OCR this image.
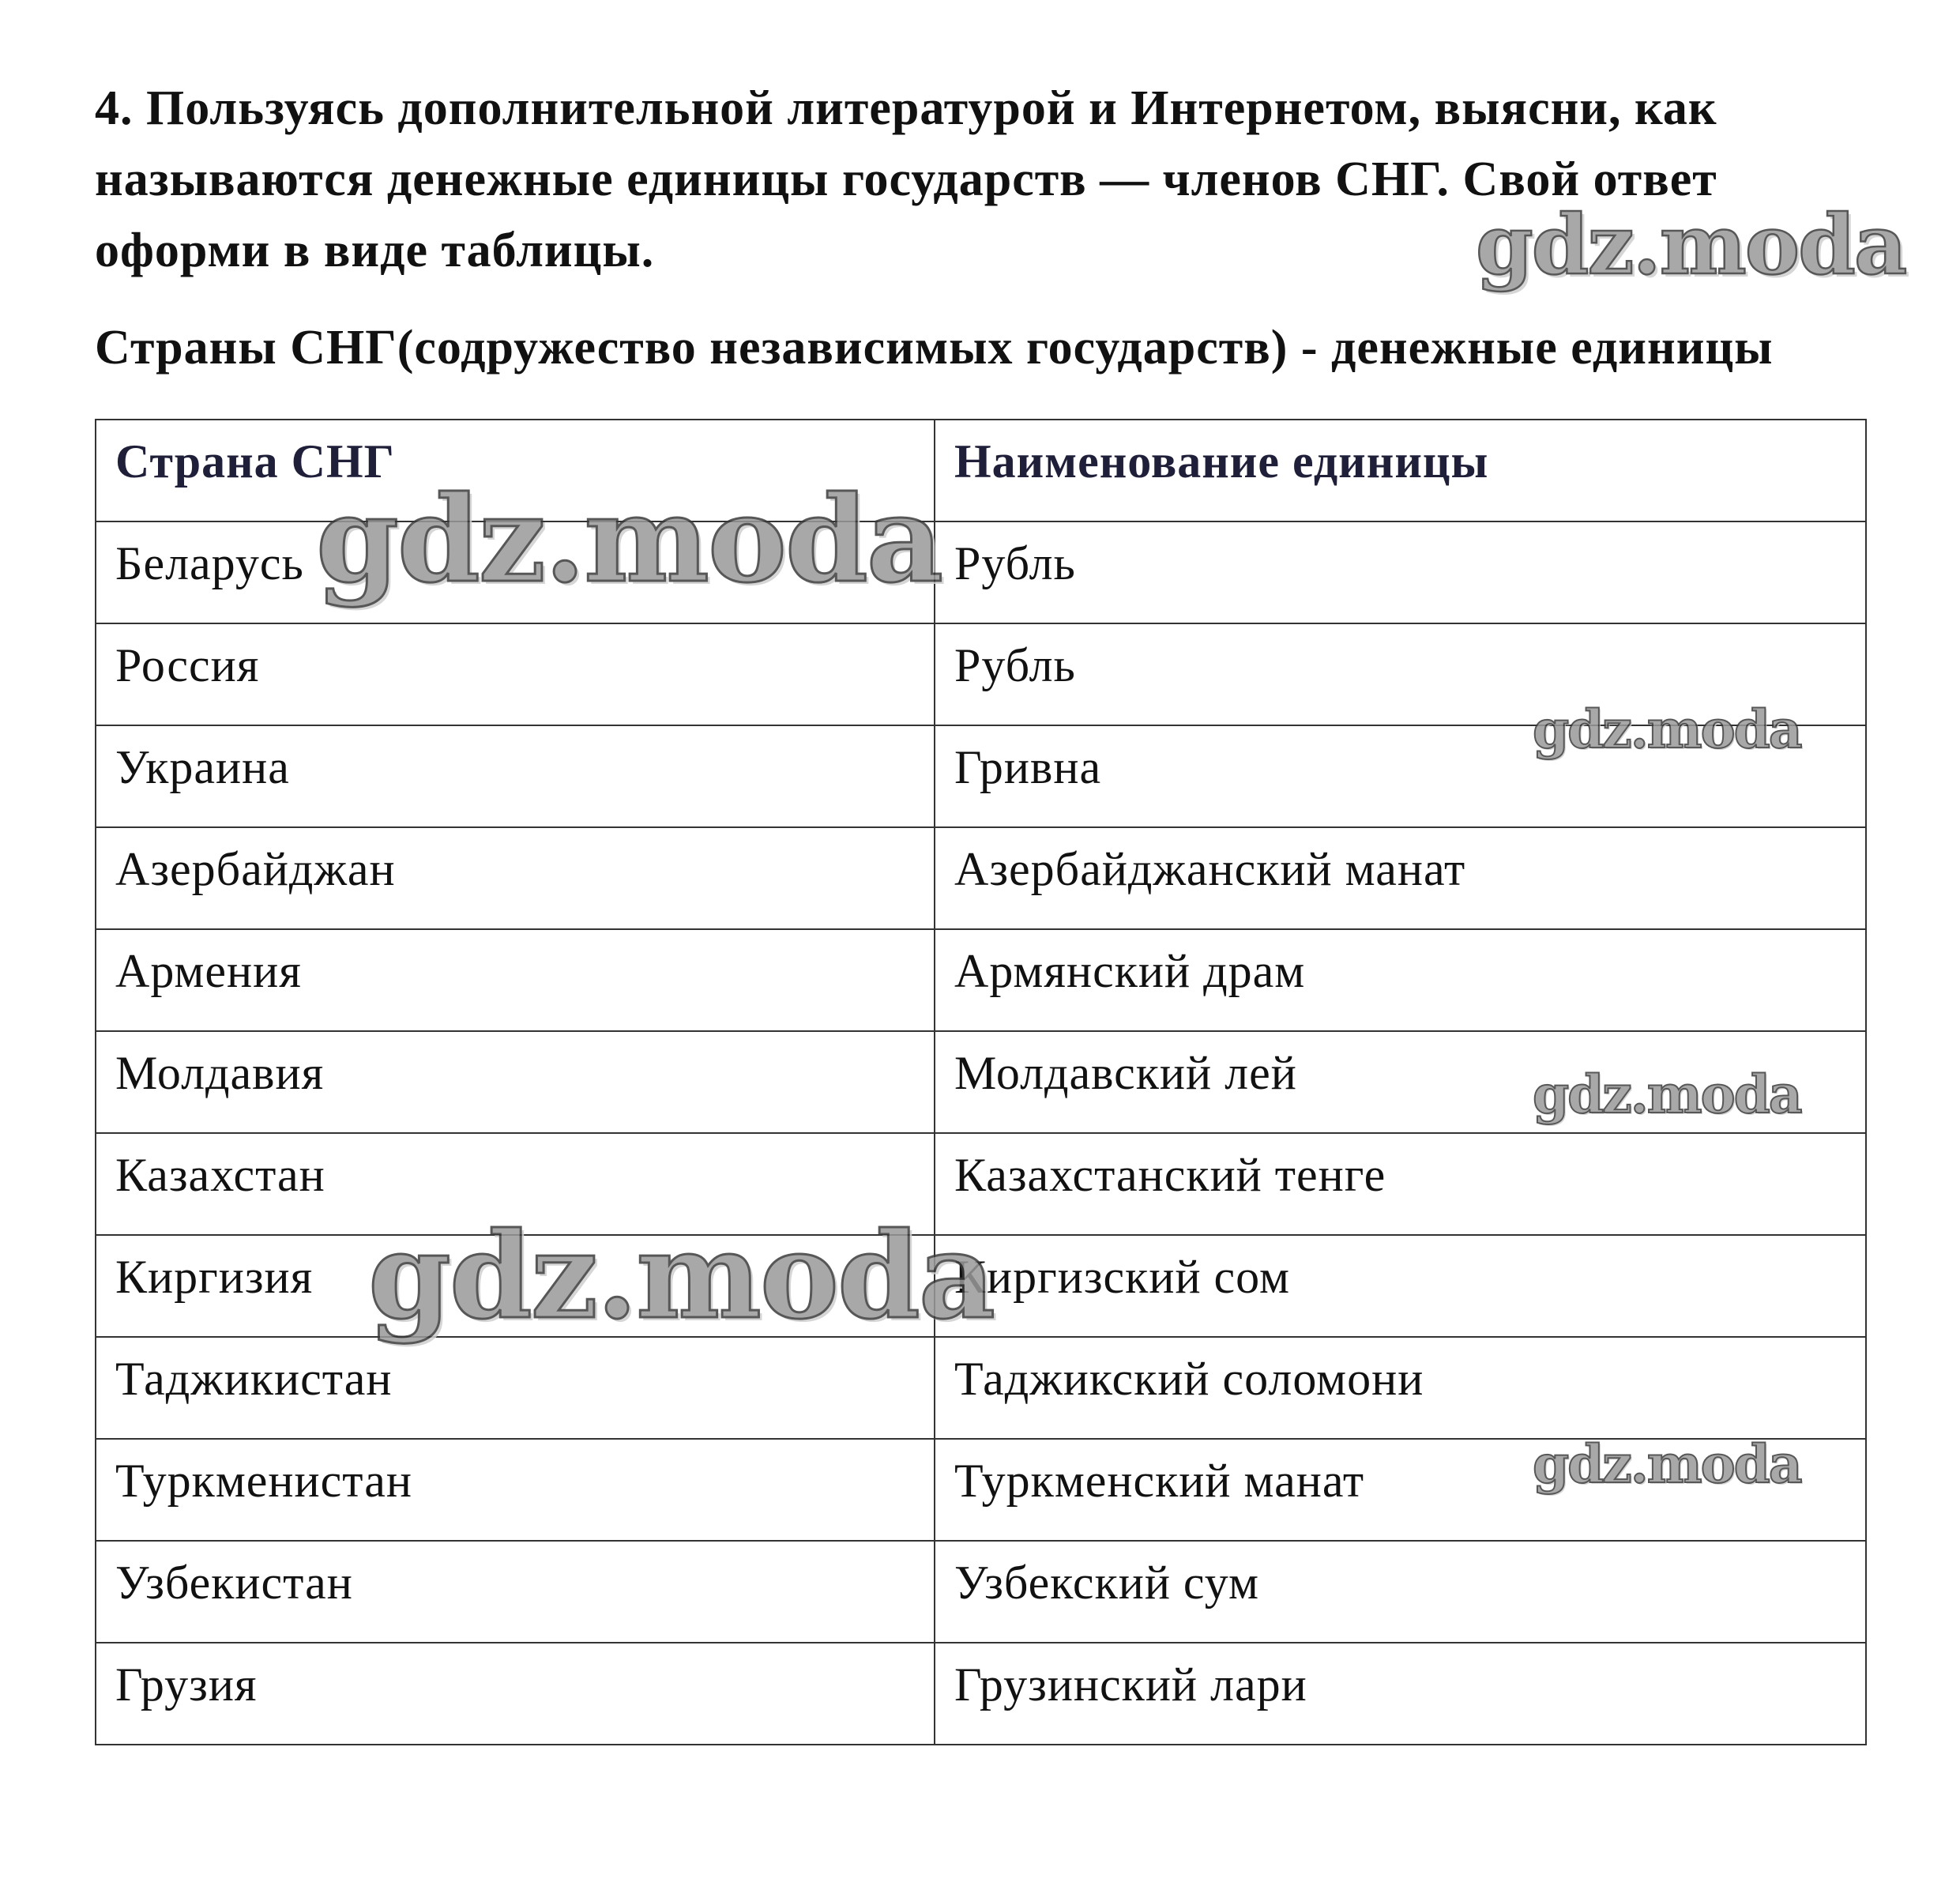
4. Пользуясь дополнительной литературой и Интернетом, выясни, как называются денежные единицы государств — членов СНГ. Свой ответ оформи в виде таблицы.

Страны СНГ(содружество независимых государств) - денежные единицы

Страна СНГ	Наименование единицы
Беларусь	Рубль
Россия	Рубль
Украина	Гривна
Азербайджан	Азербайджанский манат
Армения	Армянский драм
Молдавия	Молдавский лей
Казахстан	Казахстанский тенге
Киргизия	Киргизский сом
Таджикистан	Таджикский соломони
Туркменистан	Туркменский манат
Узбекистан	Узбекский сум
Грузия	Грузинский лари
gdz.moda
gdz.moda
gdz.moda
gdz.moda
gdz.moda
gdz.moda
